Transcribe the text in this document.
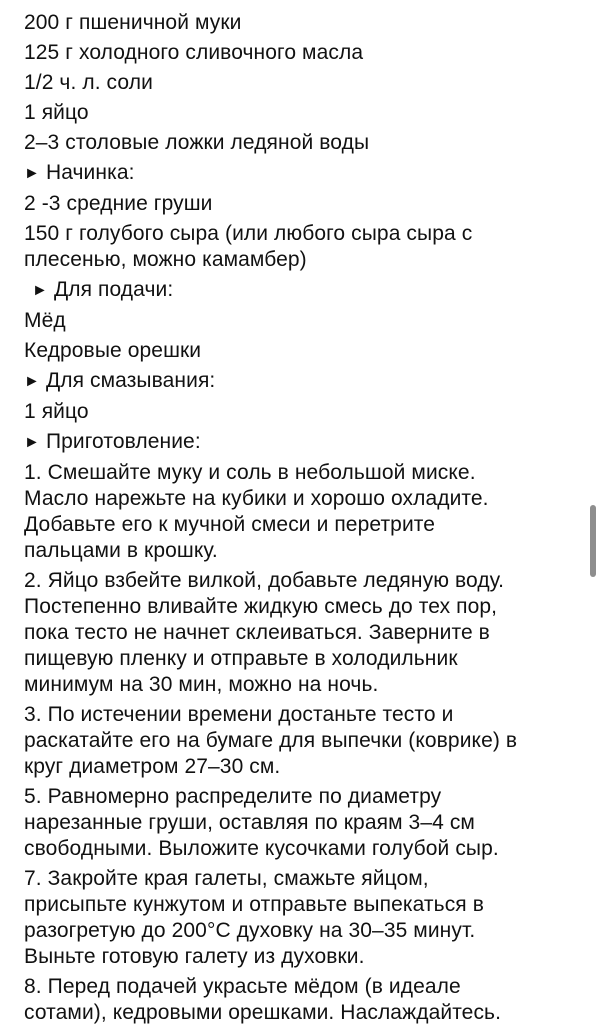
200 г пшеничной муки

125 г холодного сливочного масла

1/2 ч. л. соли

1 яйцо

2–3 столовые ложки ледяной воды

► Начинка:

2 -3 средние груши

150 г голубого сыра (или любого сыра сыра с
плесенью, можно камамбер)

► Для подачи:

Мёд

Кедровые орешки

► Для смазывания:

1 яйцо

► Приготовление:

1. Смешайте муку и соль в небольшой миске.
Масло нарежьте на кубики и хорошо охладите.
Добавьте его к мучной смеси и перетрите
пальцами в крошку.

2. Яйцо взбейте вилкой, добавьте ледяную воду.
Постепенно вливайте жидкую смесь до тех пор,
пока тесто не начнет склеиваться. Заверните в
пищевую пленку и отправьте в холодильник
минимум на 30 мин, можно на ночь.

3. По истечении времени достаньте тесто и
раскатайте его на бумаге для выпечки (коврике) в
круг диаметром 27–30 см.

5. Равномерно распределите по диаметру
нарезанные груши, оставляя по краям 3–4 см
свободными. Выложите кусочками голубой сыр.

7. Закройте края галеты, смажьте яйцом,
присыпьте кунжутом и отправьте выпекаться в
разогретую до 200°С духовку на 30–35 минут.
Выньте готовую галету из духовки.

8. Перед подачей украсьте мёдом (в идеале
сотами), кедровыми орешками. Наслаждайтесь.
